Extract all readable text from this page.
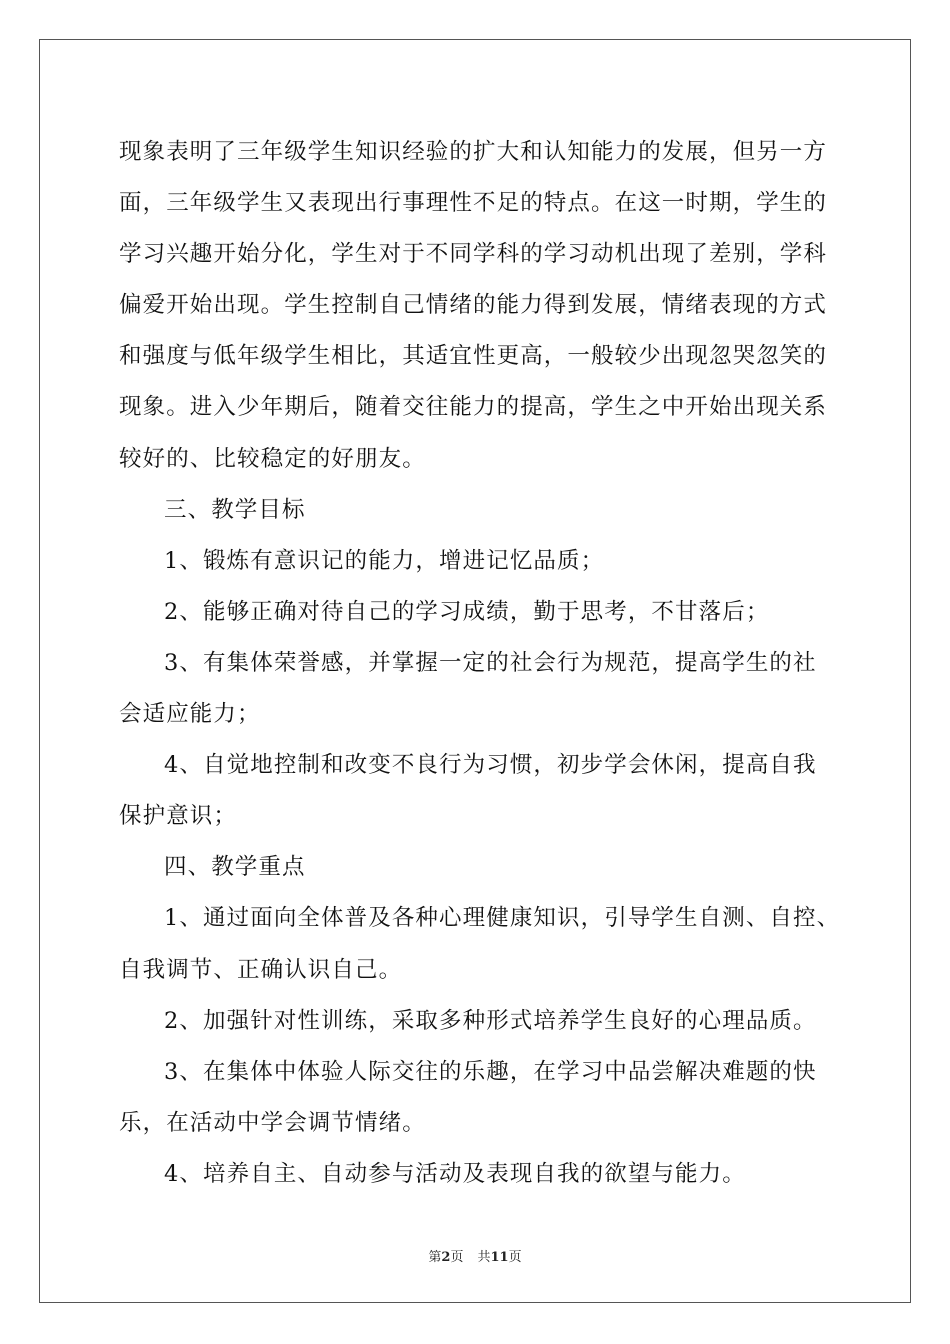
现象表明了三年级学生知识经验的扩大和认知能力的发展，但另一方
面，三年级学生又表现出行事理性不足的特点。在这一时期，学生的
学习兴趣开始分化，学生对于不同学科的学习动机出现了差别，学科
偏爱开始出现。学生控制自己情绪的能力得到发展，情绪表现的方式
和强度与低年级学生相比，其适宜性更高，一般较少出现忽哭忽笑的
现象。进入少年期后，随着交往能力的提高，学生之中开始出现关系
较好的、比较稳定的好朋友。
三、教学目标
1、锻炼有意识记的能力，增进记忆品质；
2、能够正确对待自己的学习成绩，勤于思考，不甘落后；
3、有集体荣誉感，并掌握一定的社会行为规范，提高学生的社
会适应能力；
4、自觉地控制和改变不良行为习惯，初步学会休闲，提高自我
保护意识；
四、教学重点
1、通过面向全体普及各种心理健康知识，引导学生自测、自控、
自我调节、正确认识自己。
2、加强针对性训练，采取多种形式培养学生良好的心理品质。
3、在集体中体验人际交往的乐趣，在学习中品尝解决难题的快
乐，在活动中学会调节情绪。
4、培养自主、自动参与活动及表现自我的欲望与能力。
第2页 共11页
